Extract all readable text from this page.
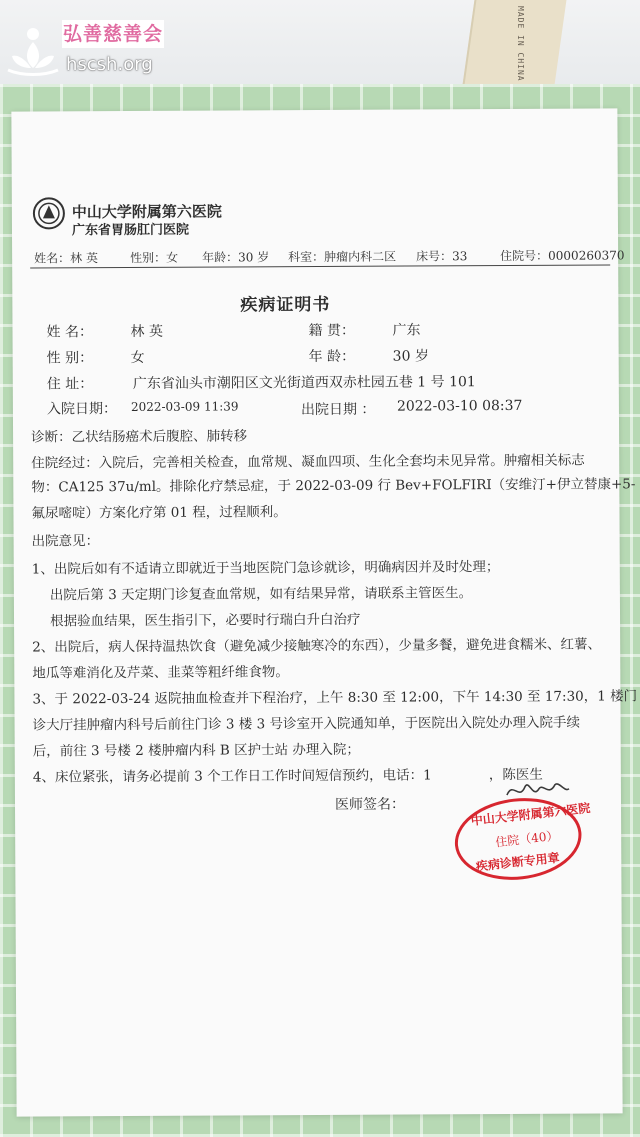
MADE IN CHINA
弘善慈善会
hscsh.org
中山大学附属第六医院
广东省胃肠肛门医院
姓名：林 英	性别：女 年龄：30 岁 科室：肿瘤内科二区 床号：33	住院号：0000260370
疾病证明书
姓 名：	林 英	籍 贯：	广东
性 别：	女	年 龄：	30 岁
住 址：	广东省汕头市潮阳区文光街道西双赤杜园五巷 1 号 101
入院日期： 2022-03-09 11:39	出院日期 ： 2022-03-10 08:37
诊断：乙状结肠癌术后腹腔、肺转移
住院经过：入院后，完善相关检查，血常规、凝血四项、生化全套均未见异常。肿瘤相关标志
物：CA125 37u/ml。排除化疗禁忌症，于 2022-03-09 行 Bev+FOLFIRI（安维汀+伊立替康+5-
氟尿嘧啶）方案化疗第 01 程，过程顺利。
出院意见：
1、出院后如有不适请立即就近于当地医院门急诊就诊，明确病因并及时处理；
出院后第 3 天定期门诊复查血常规，如有结果异常，请联系主管医生。
根据验血结果，医生指引下，必要时行瑞白升白治疗
2、出院后，病人保持温热饮食（避免减少接触寒冷的东西），少量多餐，避免进食糯米、红薯、
地瓜等难消化及芹菜、韭菜等粗纤维食物。
3、于 2022-03-24 返院抽血检查并下程治疗，上午 8:30 至 12:00，下午 14:30 至 17:30，1 楼门
诊大厅挂肿瘤内科号后前往门诊 3 楼 3 号诊室开入院通知单，于医院出入院处办理入院手续
后，前往 3 号楼 2 楼肿瘤内科 B 区护士站 办理入院；
4、床位紧张，请务必提前 3 个工作日工作时间短信预约，电话：1	，陈医生
医师签名：	中山大学附属第六医院
住院（40）
疾病诊断专用章
